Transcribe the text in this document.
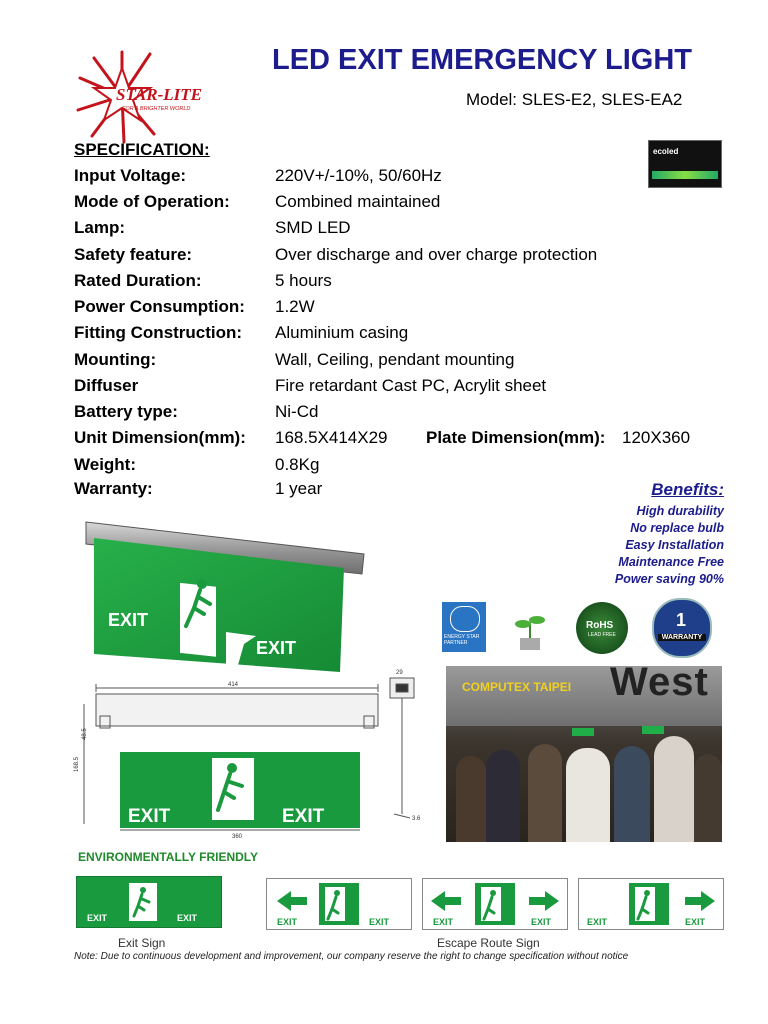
STAR-LITE
FOR A BRIGHTER WORLD
LED EXIT EMERGENCY LIGHT
Model: SLES-E2, SLES-EA2
ecoled
SPECIFICATION:
Input Voltage:	220V+/-10%, 50/60Hz
Mode of Operation:	Combined maintained
Lamp:	SMD LED
Safety feature:	Over discharge and over charge protection
Rated Duration:	5 hours
Power Consumption: 1.2W
Fitting Construction: Aluminium casing
Mounting:	Wall, Ceiling, pendant mounting
Diffuser	Fire retardant Cast PC, Acrylit sheet
Battery type:	Ni-Cd
Unit Dimension(mm): 168.5X414X29 Plate Dimension(mm): 120X360
Weight:	0.8Kg
Warranty:	1 year	Benefits:
High durability
No replace bulb
Easy Installation
Maintenance Free
Power saving 90%
EXIT
EXIT
EXIT	EXIT
414
29
360
168.5
48.5
3.6
ENERGY STAR PARTNER
RoHS
LEAD FREE
1
WARRANTY
COMPUTEX TAIPEI West
ENVIRONMENTALLY FRIENDLY
EXIT	EXIT	EXIT	EXIT	EXIT	EXIT	EXIT	EXIT
Exit Sign	Escape Route Sign
Note: Due to continuous development and improvement, our company reserve the right to change specification without notice
